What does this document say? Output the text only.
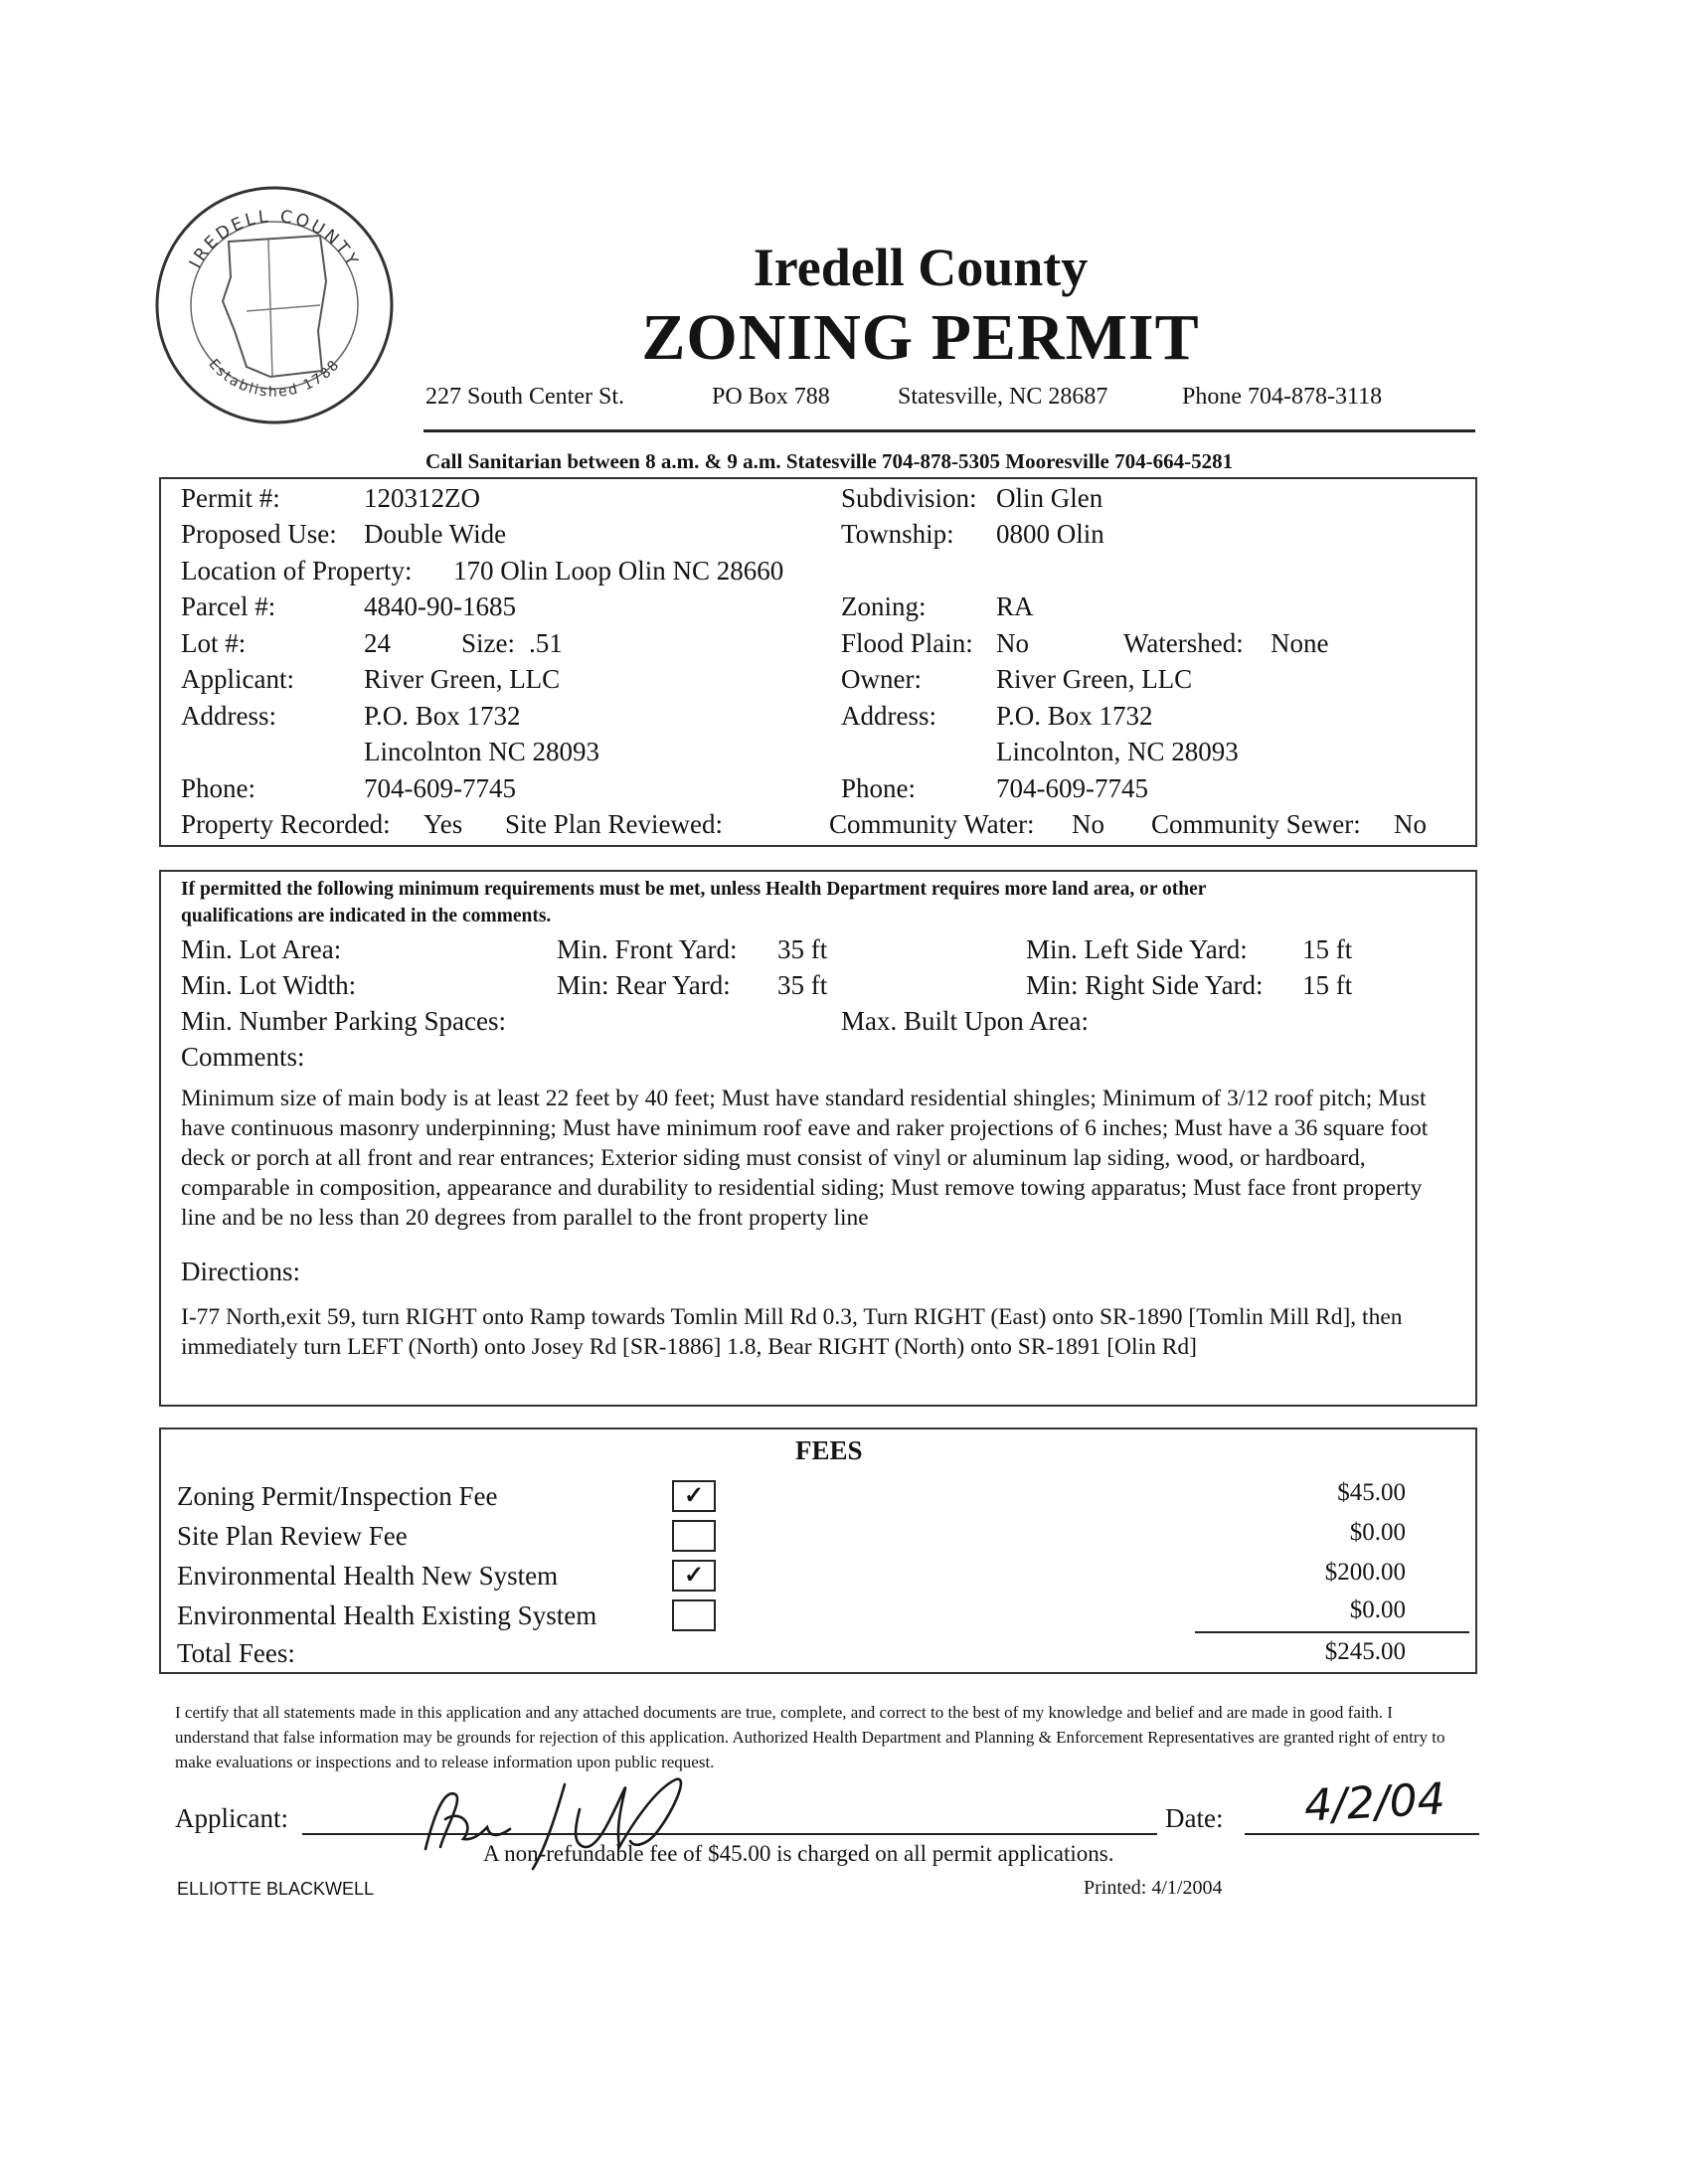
IREDELL COUNTY
Established 1788
Iredell County
ZONING PERMIT
227 South Center St.	PO Box 788	Statesville, NC 28687	Phone 704-878-3118
Call Sanitarian between 8 a.m. & 9 a.m. Statesville 704-878-5305 Mooresville 704-664-5281
Permit #:	120312ZO	Subdivision: Olin Glen
Proposed Use: Double Wide	Township: 0800 Olin
Location of Property: 170 Olin Loop Olin NC 28660
Parcel #:	4840-90-1685	Zoning:	RA
Lot #:	24	Size: .51	Flood Plain: No	Watershed: None
Applicant:	River Green, LLC	Owner:	River Green, LLC
Address:	P.O. Box 1732	Address: P.O. Box 1732
Lincolnton NC 28093	Lincolnton, NC 28093
Phone:	704-609-7745	Phone:	704-609-7745
Property Recorded: Yes Site Plan Reviewed:	Community Water: No Community Sewer: No
If permitted the following minimum requirements must be met, unless Health Department requires more land area, or other
qualifications are indicated in the comments.
Min. Lot Area:	Min. Front Yard: 35 ft	Min. Left Side Yard: 15 ft
Min. Lot Width:	Min: Rear Yard: 35 ft	Min: Right Side Yard: 15 ft
Min. Number Parking Spaces:	Max. Built Upon Area:
Comments:
Minimum size of main body is at least 22 feet by 40 feet; Must have standard residential shingles; Minimum of 3/12 roof pitch; Must have continuous masonry underpinning; Must have minimum roof eave and raker projections of 6 inches; Must have a 36 square foot deck or porch at all front and rear entrances; Exterior siding must consist of vinyl or aluminum lap siding, wood, or hardboard, comparable in composition, appearance and durability to residential siding; Must remove towing apparatus; Must face front property line and be no less than 20 degrees from parallel to the front property line
Directions:
I-77 North,exit 59, turn RIGHT onto Ramp towards Tomlin Mill Rd 0.3, Turn RIGHT (East) onto SR-1890 [Tomlin Mill Rd], then immediately turn LEFT (North) onto Josey Rd [SR-1886] 1.8, Bear RIGHT (North) onto SR-1891 [Olin Rd]
FEES
Zoning Permit/Inspection Fee	✓	$45.00
Site Plan Review Fee	$0.00
Environmental Health New System	✓	$200.00
Environmental Health Existing System	$0.00
Total Fees:	$245.00
I certify that all statements made in this application and any attached documents are true, complete, and correct to the best of my knowledge and belief and are made in good faith. I understand that false information may be grounds for rejection of this application. Authorized Health Department and Planning & Enforcement Representatives are granted right of entry to make evaluations or inspections and to release information upon public request.
Applicant:	Date: 4/2/04
A non-refundable fee of $45.00 is charged on all permit applications.
ELLIOTTE BLACKWELL	Printed: 4/1/2004
